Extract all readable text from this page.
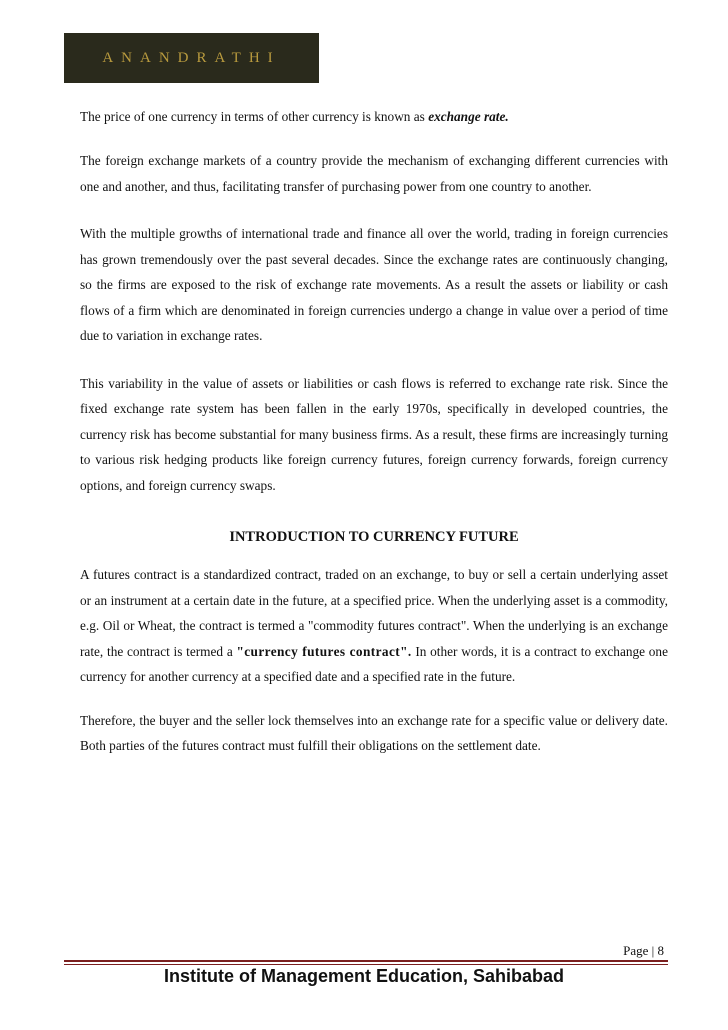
ANANDRATHI

The price of one currency in terms of other currency is known as exchange rate.

The foreign exchange markets of a country provide the mechanism of exchanging different currencies with one and another, and thus, facilitating transfer of purchasing power from one country to another.

With the multiple growths of international trade and finance all over the world, trading in foreign currencies has grown tremendously over the past several decades. Since the exchange rates are continuously changing, so the firms are exposed to the risk of exchange rate movements. As a result the assets or liability or cash flows of a firm which are denominated in foreign currencies undergo a change in value over a period of time due to variation in exchange rates.

This variability in the value of assets or liabilities or cash flows is referred to exchange rate risk. Since the fixed exchange rate system has been fallen in the early 1970s, specifically in developed countries, the currency risk has become substantial for many business firms. As a result, these firms are increasingly turning to various risk hedging products like foreign currency futures, foreign currency forwards, foreign currency options, and foreign currency swaps.

INTRODUCTION TO CURRENCY FUTURE

A futures contract is a standardized contract, traded on an exchange, to buy or sell a certain underlying asset or an instrument at a certain date in the future, at a specified price. When the underlying asset is a commodity, e.g. Oil or Wheat, the contract is termed a "commodity futures contract". When the underlying is an exchange rate, the contract is termed a "currency futures contract". In other words, it is a contract to exchange one currency for another currency at a specified date and a specified rate in the future.

Therefore, the buyer and the seller lock themselves into an exchange rate for a specific value or delivery date. Both parties of the futures contract must fulfill their obligations on the settlement date.

Page | 8
Institute of Management Education, Sahibabad
